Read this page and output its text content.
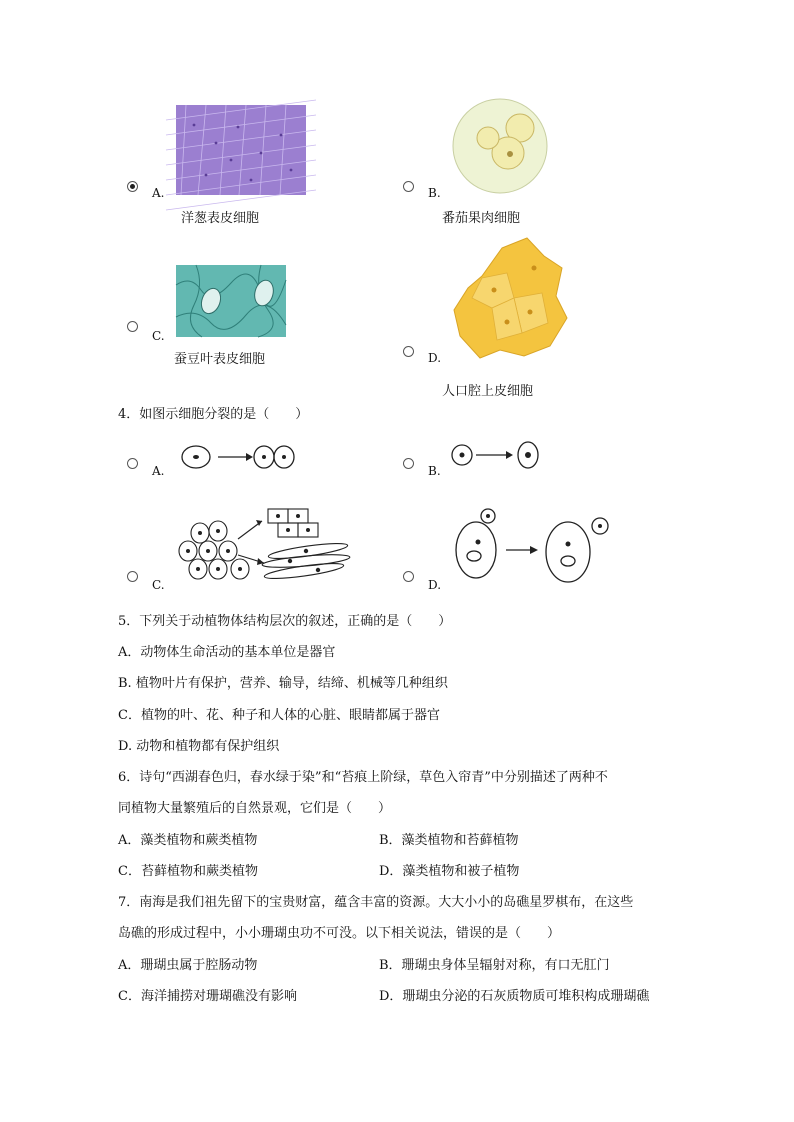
A.
洋葱表皮细胞
B.
番茄果肉细胞
C.
蚕豆叶表皮细胞	D.
人口腔上皮细胞
4．如图示细胞分裂的是（　　）
A.	B.
C.	D.
5．下列关于动植物体结构层次的叙述，正确的是（　　）
A．动物体生命活动的基本单位是器官
B. 植物叶片有保护，营养、输导，结缔、机械等几种组织
C．植物的叶、花、种子和人体的心脏、眼睛都属于器官
D. 动物和植物都有保护组织
6．诗句“西湖春色归，春水绿于染”和“苔痕上阶绿，草色入帘青”中分别描述了两种不
同植物大量繁殖后的自然景观，它们是（　　）
A．藻类植物和蕨类植物	B．藻类植物和苔藓植物
C．苔藓植物和蕨类植物	D．藻类植物和被子植物
7．南海是我们祖先留下的宝贵财富，蕴含丰富的资源。大大小小的岛礁星罗棋布，在这些
岛礁的形成过程中，小小珊瑚虫功不可没。以下相关说法，错误的是（　　）
A．珊瑚虫属于腔肠动物	B．珊瑚虫身体呈辐射对称，有口无肛门
C．海洋捕捞对珊瑚礁没有影响	D．珊瑚虫分泌的石灰质物质可堆积构成珊瑚礁
